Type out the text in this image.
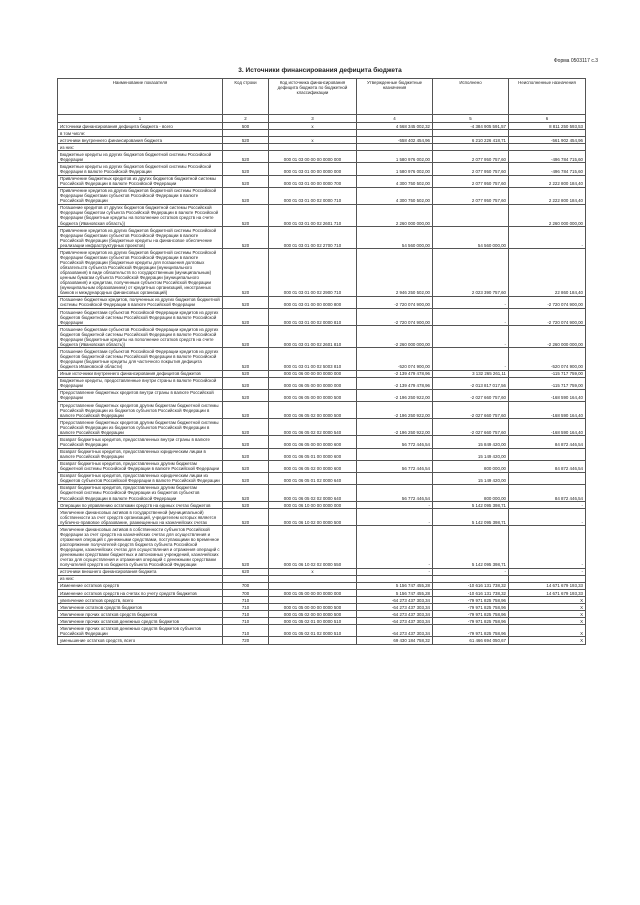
Форма 0503117 с.3
3. Источники финансирования дефицита бюджета
Наименование показателя	Код строки	Код источника финансирования дефицита бюджета по бюджетной классификации	Утвержденные бюджетные назначения	Исполнено	Неисполненные назначения
1	2	3	4	5	6
Источники финансирования дефицита бюджета - всего	500	x	4 568 345 002,32	-4 384 905 591,57	8 811 250 593,53
в том числе:					
источники внутреннего финансирования бюджета	520	x	-558 402 454,96	6 210 226 418,71	-561 902 454,96
из них:					
Бюджетные кредиты из других бюджетов бюджетной системы Российской Федерации	520	000 01 03 00 00 00 0000 000	1 580 976 002,00	2 077 950 757,60	-496 784 715,60
Бюджетные кредиты из других бюджетов бюджетной системы Российской Федерации в валюте Российской Федерации	520	000 01 03 01 00 00 0000 000	1 580 976 002,00	2 077 950 757,60	-496 784 715,60
Привлечение бюджетных кредитов из других бюджетов бюджетной системы Российской Федерации в валюте Российской Федерации	520	000 01 03 01 00 00 0000 700	4 300 750 502,00	2 077 950 757,60	2 222 800 184,40
Привлечение кредитов из других бюджетов бюджетной системы Российской Федерации бюджетами субъектов Российской Федерации в валюте Российской Федерации	520	000 01 03 01 00 02 0000 710	4 300 750 502,00	2 077 950 757,60	2 222 800 184,40
Погашение кредитов от других бюджетов бюджетной системы Российской Федерации бюджетом субъекта Российской Федерации в валюте Российской Федерации (бюджетные кредиты на пополнение остатков средств на счете бюджета (Ивановская область))	520	000 01 03 01 00 02 2601 710	2 260 000 000,00		2 260 000 000,00
Привлечение кредитов из других бюджетов бюджетной системы Российской Федерации бюджетами субъектов Российской Федерации в валюте Российской Федерации (бюджетные кредиты на финансовое обеспечение реализации инфраструктурных проектов)	520	000 01 03 01 00 02 2700 710	54 560 000,00	54 560 000,00	-
Привлечение кредитов из других бюджетов бюджетной системы Российской Федерации бюджетами субъектов Российской Федерации в валюте Российской Федерации (бюджетные кредиты для погашения долговых обязательств субъекта Российской Федерации (муниципального образования) в виде обязательств по государственным (муниципальным) ценным бумагам субъекта Российской Федерации (муниципального образования) и кредитам, полученным субъектом Российской Федерации (муниципальным образованием) от кредитных организаций, иностранных банков и международных финансовых организаций)	520	000 01 03 01 00 02 2900 710	2 946 250 502,00	2 023 390 757,60	22 860 184,40
Погашение бюджетных кредитов, полученных из других бюджетов бюджетной системы Российской Федерации в валюте Российской Федерации	520	000 01 03 01 00 00 0000 800	-2 720 074 900,00	-	-2 720 074 900,00
Погашение бюджетами субъектов Российской Федерации кредитов из других бюджетов бюджетной системы Российской Федерации в валюте Российской Федерации	520	000 01 03 01 00 02 0000 810	-2 720 074 900,00	-	-2 720 074 900,00
Погашение бюджетами субъектов Российской Федерации кредитов из других бюджетов бюджетной системы Российской Федерации в валюте Российской Федерации (бюджетные кредиты на пополнение остатков средств на счете бюджета (Ивановская область))	520	000 01 03 01 00 02 2601 810	-2 260 000 000,00	-	-2 260 000 000,00
Погашение бюджетами субъектов Российской Федерации кредитов из других бюджетов бюджетной системы Российской Федерации в валюте Российской Федерации (бюджетные кредиты для частичного покрытия дефицита бюджета Ивановской области)	520	000 01 03 01 00 02 5003 810	-520 074 900,00	-	-520 074 900,00
Иные источники внутреннего финансирования дефицитов бюджетов	520	000 01 06 00 00 00 0000 000	-2 139 479 478,96	3 132 265 261,11	-115 717 759,00
Бюджетные кредиты, предоставленные внутри страны в валюте Российской Федерации	520	000 01 06 05 00 00 0000 000	-2 139 479 478,96	-2 013 817 017,56	-115 717 759,00
Предоставление бюджетных кредитов внутри страны в валюте Российской Федерации	520	000 01 06 05 00 00 0000 500	-2 196 250 922,00	-2 027 660 757,60	-168 590 164,40
Предоставление бюджетных кредитов другим бюджетам бюджетной системы Российской Федерации из бюджетов субъектов Российской Федерации в валюте Российской Федерации	520	000 01 06 05 02 00 0000 500	-2 196 250 922,00	-2 027 660 757,60	-168 590 164,40
Предоставление бюджетных кредитов другим бюджетам бюджетной системы Российской Федерации из бюджетов субъектов Российской Федерации в валюте Российской Федерации	520	000 01 06 05 02 02 0000 540	-2 196 250 922,00	-2 027 660 757,60	-168 590 164,40
Возврат бюджетных кредитов, предоставленных внутри страны в валюте Российской Федерации	520	000 01 06 05 00 00 0000 600	56 772 446,54	15 849 420,00	84 872 446,54
Возврат бюджетных кредитов, предоставленных юридическим лицам в валюте Российской Федерации	520	000 01 06 05 01 00 0000 600		15 149 420,00	
Возврат бюджетных кредитов, предоставленных другим бюджетам бюджетной системы Российской Федерации в валюте Российской Федерации	520	000 01 06 05 02 00 0000 600	56 772 446,54	800 000,00	84 872 446,54
Возврат бюджетных кредитов, предоставленных юридическим лицам из бюджетов субъектов Российской Федерации в валюте Российской Федерации	520	000 01 06 05 01 02 0000 640		15 149 420,00	
Возврат бюджетных кредитов, предоставленных другим бюджетам бюджетной системы Российской Федерации из бюджетов субъектов Российской Федерации в валюте Российской Федерации	520	000 01 06 05 02 02 0000 640	56 772 446,54	800 000,00	84 872 446,54
Операции по управлению остатками средств на единых счетах бюджетов	520	000 01 06 10 00 00 0000 000	-	5 142 095 398,71	-
Увеличение финансовых активов в государственной (муниципальной) собственности за счет средств организаций, учредителем которых является публично-правовое образование, размещенных на казначейских счетах	520	000 01 06 10 02 00 0000 500	-	5 142 095 398,71	-
Увеличение финансовых активов в собственности субъектов Российской Федерации за счет средств на казначейских счетах для осуществления и отражения операций с денежными средствами, поступающими во временное распоряжение получателей средств бюджета субъекта Российской Федерации, казначейских счетах для осуществления и отражения операций с денежными средствами бюджетных и автономных учреждений, казначейских счетах для осуществления и отражения операций с денежными средствами получателей средств из бюджета субъекта Российской Федерации	520	000 01 06 10 02 02 0000 550	-	5 142 095 398,71	-
источники внешнего финансирования бюджета	620	x	-	-	-
из них:					
Изменение остатков средств	700		5 156 747 455,28	-10 616 131 738,32	14 671 679 193,33
Изменение остатков средств на счетах по учету средств бюджетов	700	000 01 05 00 00 00 0000 000	5 156 747 455,28	-10 616 131 738,32	14 671 679 193,33
увеличение остатков средств, всего	710		-64 273 437 303,34	-79 971 825 758,96	X
Увеличение остатков средств бюджетов	710	000 01 05 00 00 00 0000 500	-64 273 437 303,34	-79 971 825 758,96	X
Увеличение прочих остатков средств бюджетов	710	000 01 05 02 00 00 0000 500	-64 273 437 303,34	-79 971 825 758,96	X
Увеличение прочих остатков денежных средств бюджетов	710	000 01 05 02 01 00 0000 510	-64 273 437 303,34	-79 971 825 758,96	X
Увеличение прочих остатков денежных средств бюджетов субъектов Российской Федерации	710	000 01 05 02 01 02 0000 510	-64 273 437 303,34	-79 971 825 758,96	X
уменьшение остатков средств, всего	720		69 430 184 758,32	61 466 694 050,67	X
